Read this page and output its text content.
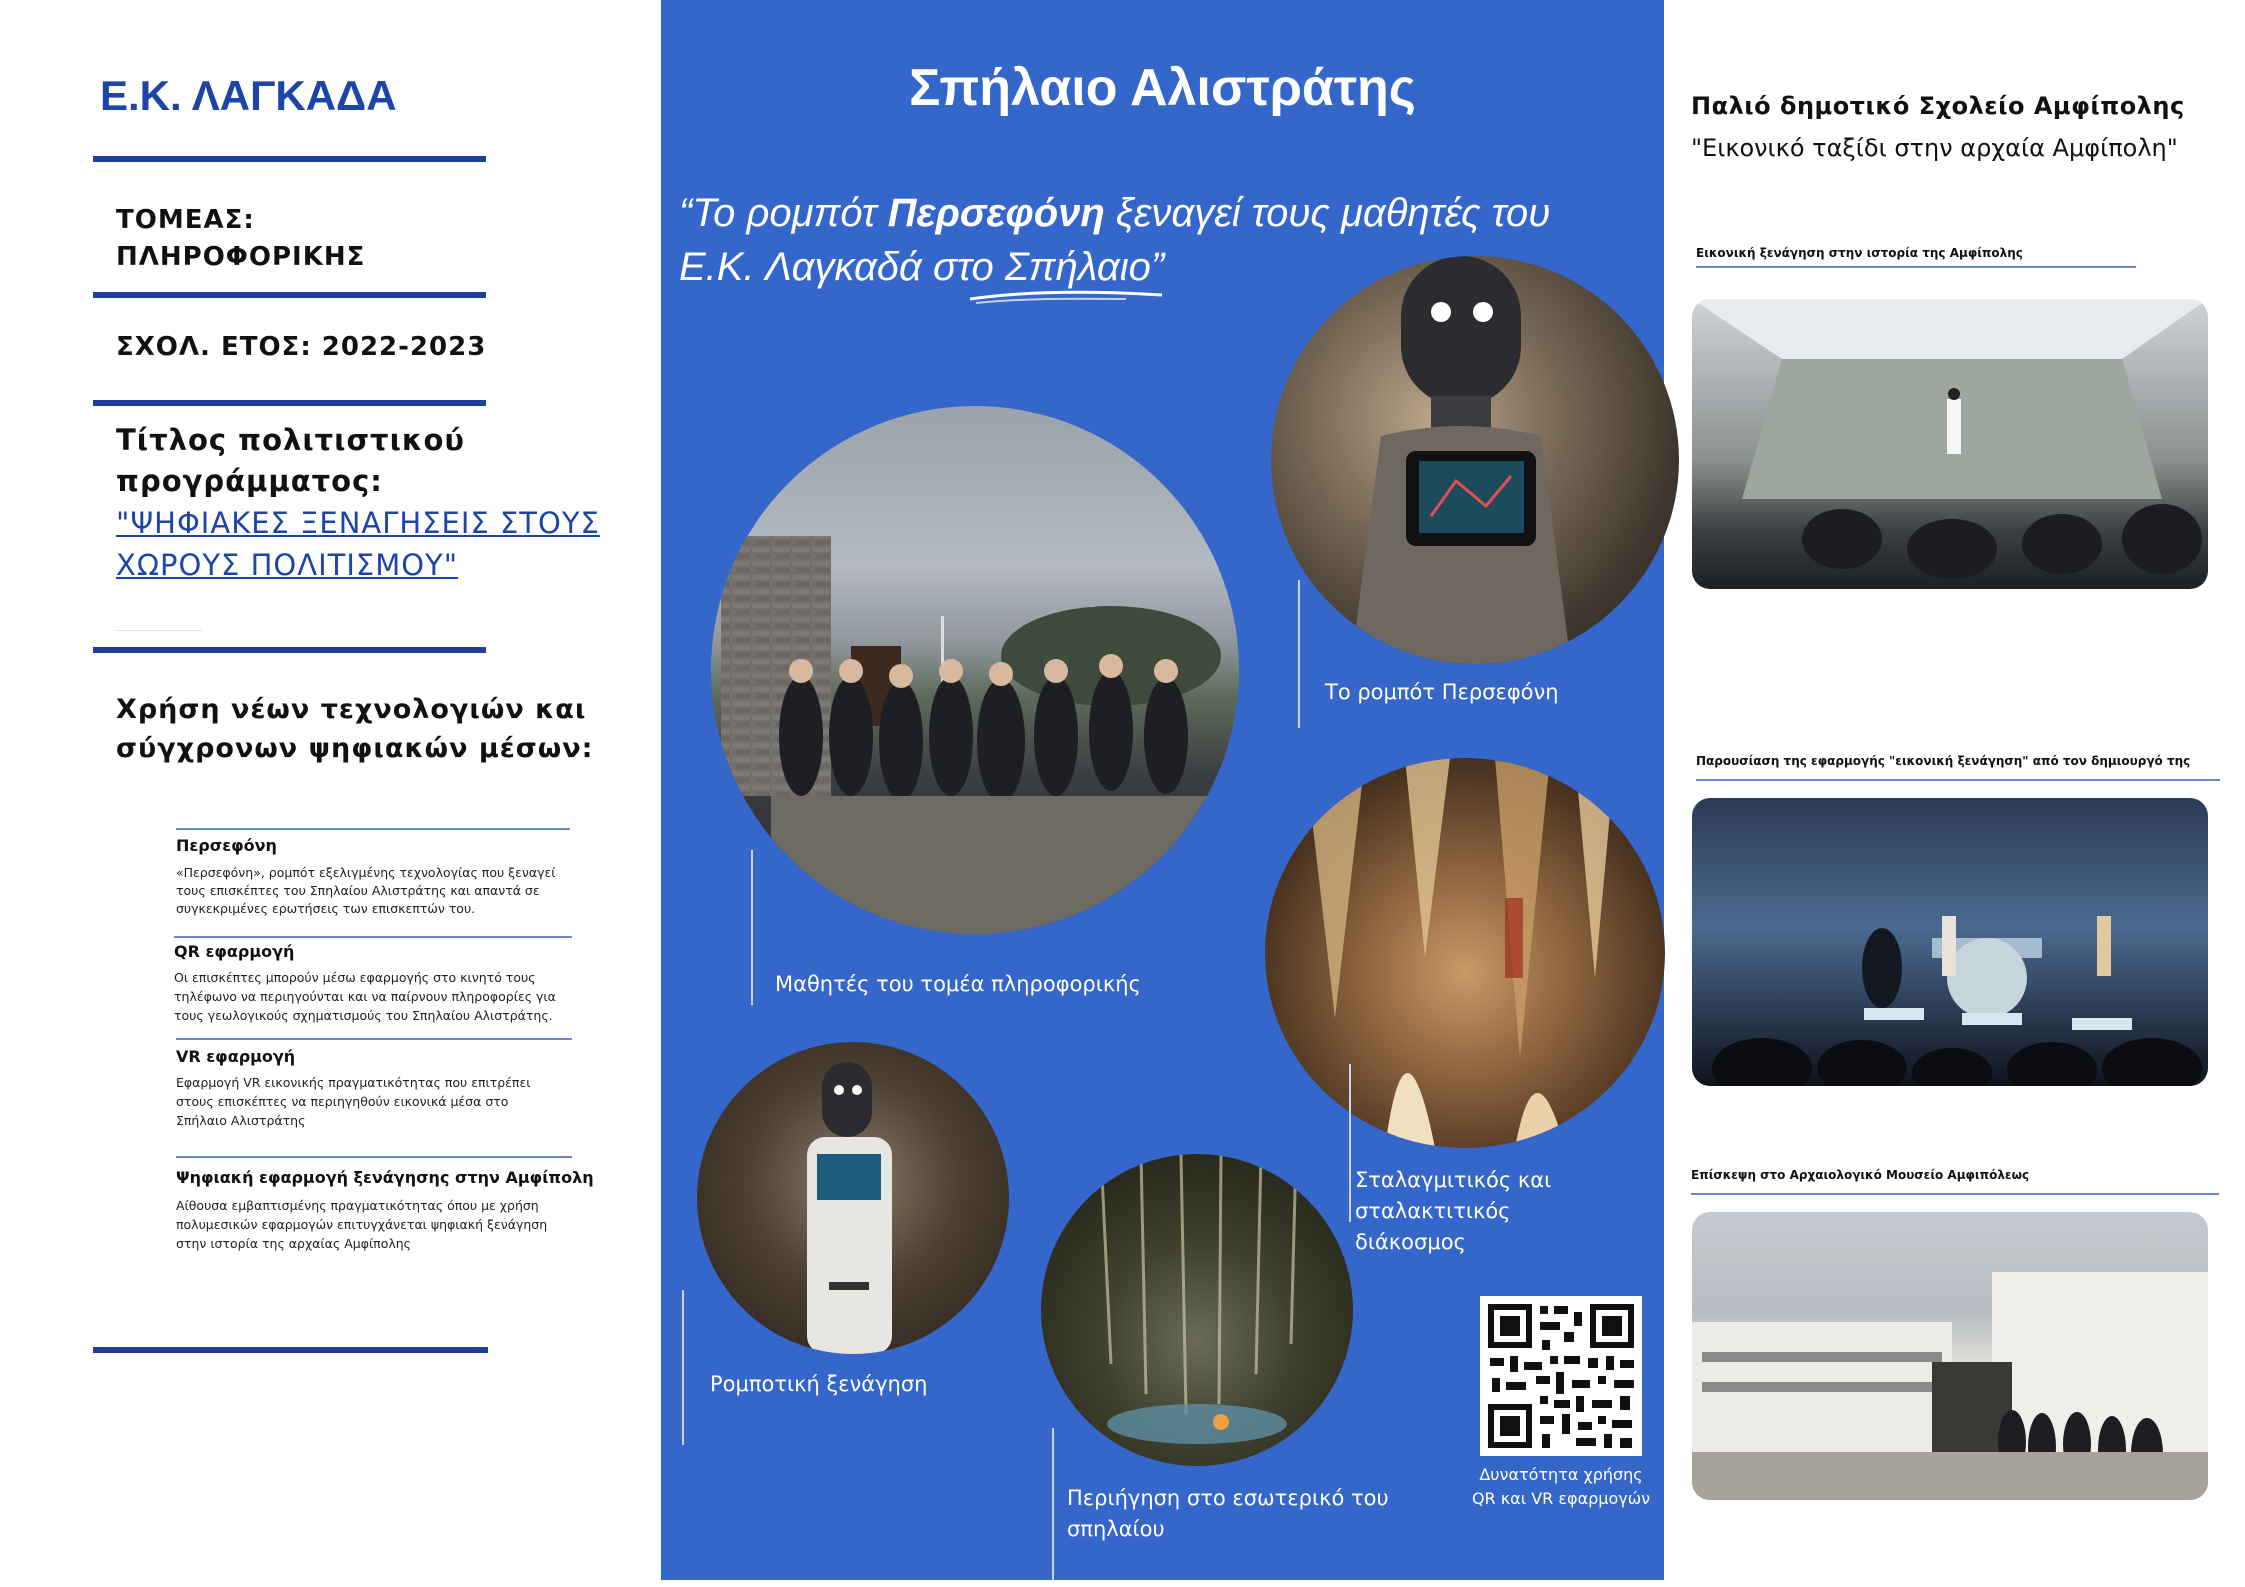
Ε.Κ. ΛΑΓΚΑΔΑ
ΤΟΜΕΑΣ:
ΠΛΗΡΟΦΟΡΙΚΗΣ
ΣΧΟΛ. ΕΤΟΣ: 2022-2023
Τίτλος πολιτιστικού
προγράμματος:
"ΨΗΦΙΑΚΕΣ ΞΕΝΑΓΗΣΕΙΣ ΣΤΟΥΣ
ΧΩΡΟΥΣ ΠΟΛΙΤΙΣΜΟΥ"
Χρήση νέων τεχνολογιών και
σύγχρονων ψηφιακών μέσων:
Περσεφόνη
«Περσεφόνη», ρομπότ εξελιγμένης τεχνολογίας που ξεναγεί
τους επισκέπτες του Σπηλαίου Αλιστράτης και απαντά σε
συγκεκριμένες ερωτήσεις των επισκεπτών του.
QR εφαρμογή
Οι επισκέπτες μπορούν μέσω εφαρμογής στο κινητό τους
τηλέφωνο να περιηγούνται και να παίρνουν πληροφορίες για
τους γεωλογικούς σχηματισμούς του Σπηλαίου Αλιστράτης.
VR εφαρμογή
Εφαρμογή VR εικονικής πραγματικότητας που επιτρέπει
στους επισκέπτες να περιηγηθούν εικονικά μέσα στο
Σπήλαιο Αλιστράτης
Ψηφιακή εφαρμογή ξενάγησης στην Αμφίπολη
Αίθουσα εμβαπτισμένης πραγματικότητας όπου με χρήση
πολυμεσικών εφαρμογών επιτυγχάνεται ψηφιακή ξενάγηση
στην ιστορία της αρχαίας Αμφίπολης
Σπήλαιο Αλιστράτης
“Το ρομπότ Περσεφόνη ξεναγεί τους μαθητές του
Ε.Κ. Λαγκαδά στο Σπήλαιο”
Μαθητές του τομέα πληροφορικής
Το ρομπότ Περσεφόνη
Σταλαγμιτικός και σταλακτιτικός
διάκοσμος
Ρομποτική ξενάγηση
Περιήγηση στο εσωτερικό του
σπηλαίου
Δυνατότητα χρήσης
QR και VR εφαρμογών
Παλιό δημοτικό Σχολείο Αμφίπολης
"Εικονικό ταξίδι στην αρχαία Αμφίπολη"
Εικονική ξενάγηση στην ιστορία της Αμφίπολης
Παρουσίαση της εφαρμογής "εικονική ξενάγηση" από τον δημιουργό της
Επίσκεψη στο Αρχαιολογικό Μουσείο Αμφιπόλεως
